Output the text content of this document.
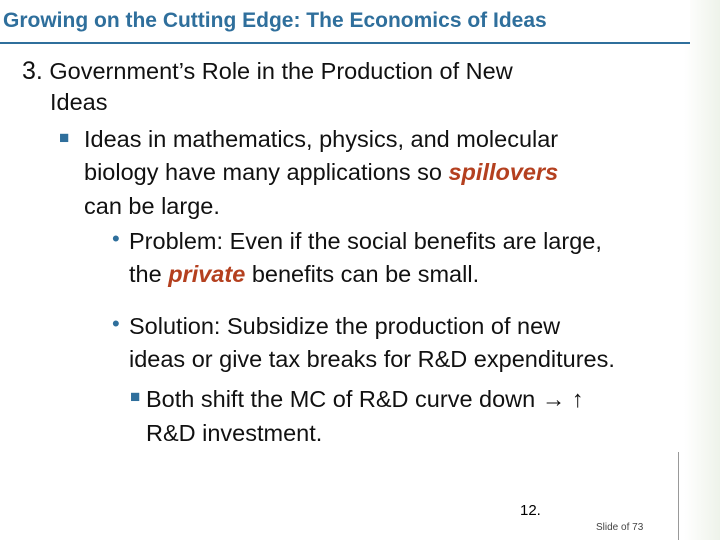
Growing on the Cutting Edge: The Economics of Ideas
3. Government’s Role in the Production of New
Ideas
■ Ideas in mathematics, physics, and molecular
biology have many applications so spillovers
can be large.
• Problem: Even if the social benefits are large,
the private benefits can be small.
• Solution: Subsidize the production of new
ideas or give tax breaks for R&D expenditures.
■ Both shift the MC of R&D curve down → ↑
R&D investment.
12.
Slide of 73
